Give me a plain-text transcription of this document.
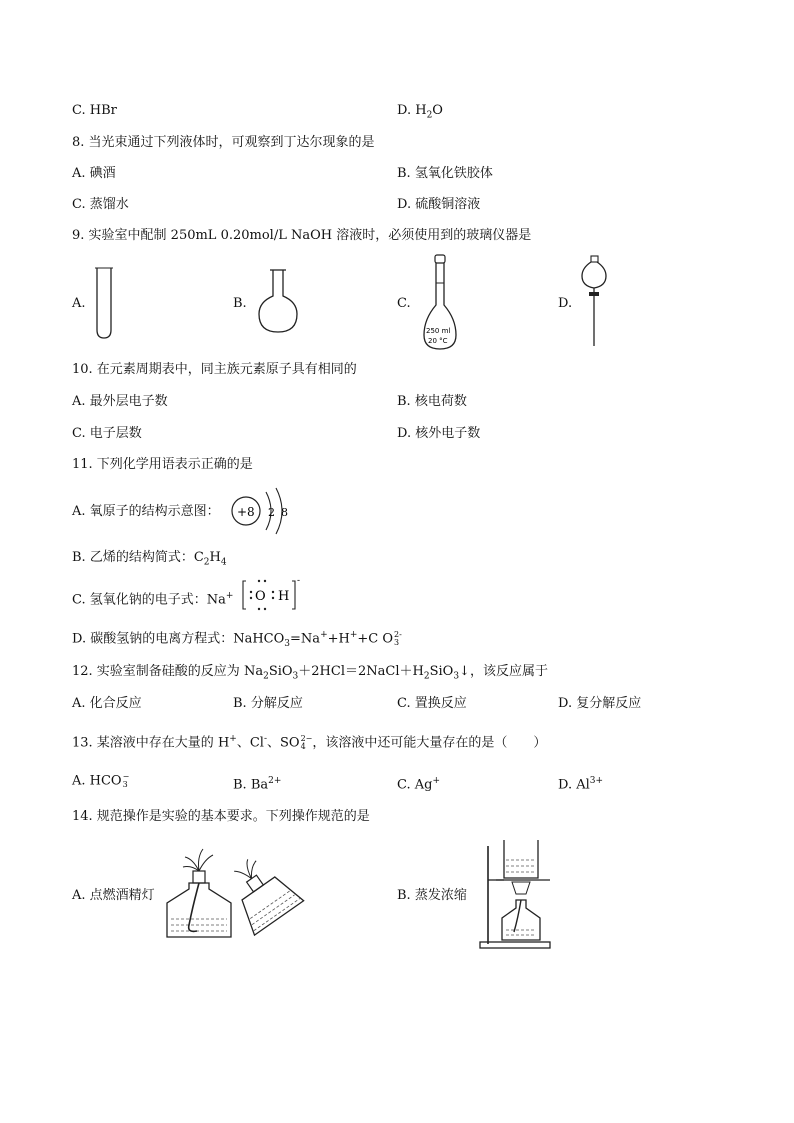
C. HBr	D. $H_2O$
8. 当光束通过下列液体时，可观察到丁达尔现象的是
A. 碘酒	B. 氢氧化铁胶体
C. 蒸馏水	D. 硫酸铜溶液
9. 实验室中配制 250mL 0.20mol/L NaOH 溶液时，必须使用到的玻璃仪器是
A.	B.	C.
250 ml
20 °C
D.
10. 在元素周期表中，同主族元素原子具有相同的
A. 最外层电子数	B. 核电荷数
C. 电子层数	D. 核外电子数
11. 下列化学用语表示正确的是
A. 氧原子的结构示意图： +8 2 8
B. 乙烯的结构简式：$C_2H_4$
C. 氢氧化钠的电子式：Na+ O H
-
D. 碳酸氢钠的电离方程式：NaHCO$_3$=Na++H++C O 2-
3
12. 实验室制备硅酸的反应为 $Na_2SiO_3+2HCl=2NaCl+H_2SiO_3↓$，该反应属于
A. 化合反应	B. 分解反应	C. 置换反应	D. 复分解反应
13. 某溶液中存在大量的 H+、Cl-、SO 2−
4 ，该溶液中还可能大量存在的是（　　）
A. HCO −
3	B. $Ba^{2+}$	C. Ag+	D. $Al^{3+}$
14. 规范操作是实验的基本要求。下列操作规范的是
A. 点燃酒精灯	B. 蒸发浓缩
